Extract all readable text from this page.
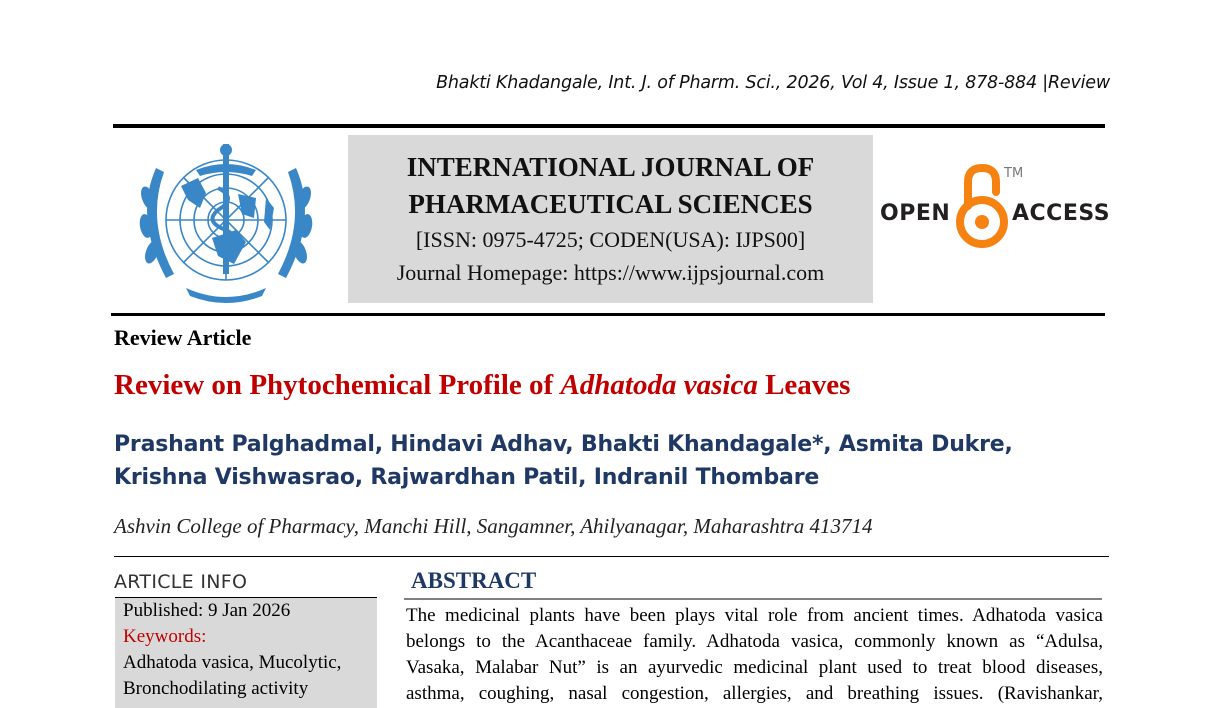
Bhakti Khadangale, Int. J. of Pharm. Sci., 2026, Vol 4, Issue 1, 878-884 |Review
INTERNATIONAL JOURNAL OF
PHARMACEUTICAL SCIENCES
[ISSN: 0975-4725; CODEN(USA): IJPS00]
Journal Homepage: https://www.ijpsjournal.com
OPEN
TM
ACCESS
Review Article
Review on Phytochemical Profile of Adhatoda vasica Leaves
Prashant Palghadmal, Hindavi Adhav, Bhakti Khandagale*, Asmita Dukre,
Krishna Vishwasrao, Rajwardhan Patil, Indranil Thombare
Ashvin College of Pharmacy, Manchi Hill, Sangamner, Ahilyanagar, Maharashtra 413714
ARTICLE INFO
Published: 9 Jan 2026
Keywords:
Adhatoda vasica, Mucolytic,
Bronchodilating activity
ABSTRACT

The medicinal plants have been plays vital role from ancient times. Adhatoda vasica

belongs to the Acanthaceae family. Adhatoda vasica, commonly known as “Adulsa,

Vasaka, Malabar Nut” is an ayurvedic medicinal plant used to treat blood diseases,

asthma, coughing, nasal congestion, allergies, and breathing issues. (Ravishankar,
